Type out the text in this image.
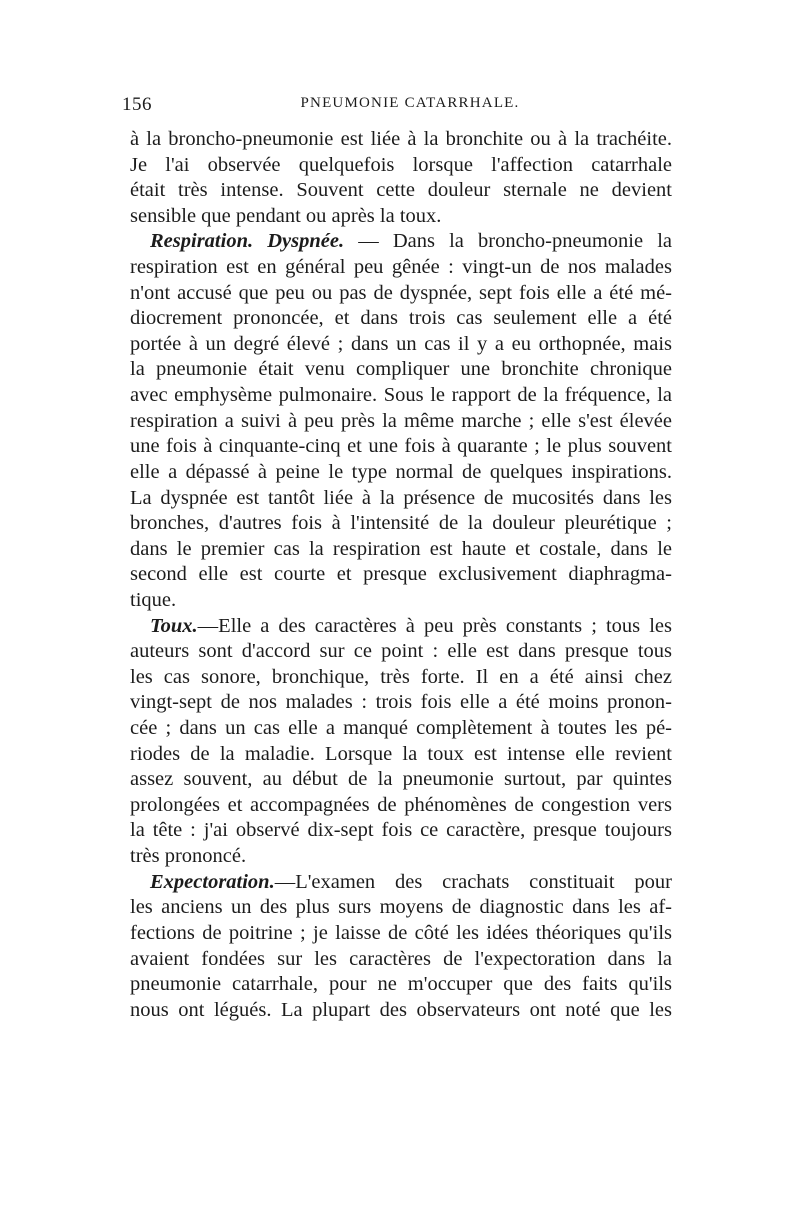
156	PNEUMONIE CATARRHALE.
à la broncho-pneumonie est liée à la bronchite ou à la trachéite.
Je l'ai observée quelquefois lorsque l'affection catarrhale
était très intense. Souvent cette douleur sternale ne devient
sensible que pendant ou après la toux.
Respiration. Dyspnée. — Dans la broncho-pneumonie la
respiration est en général peu gênée : vingt-un de nos malades
n'ont accusé que peu ou pas de dyspnée, sept fois elle a été mé-
diocrement prononcée, et dans trois cas seulement elle a été
portée à un degré élevé ; dans un cas il y a eu orthopnée, mais
la pneumonie était venu compliquer une bronchite chronique
avec emphysème pulmonaire. Sous le rapport de la fréquence, la
respiration a suivi à peu près la même marche ; elle s'est élevée
une fois à cinquante-cinq et une fois à quarante ; le plus souvent
elle a dépassé à peine le type normal de quelques inspirations.
La dyspnée est tantôt liée à la présence de mucosités dans les
bronches, d'autres fois à l'intensité de la douleur pleurétique ;
dans le premier cas la respiration est haute et costale, dans le
second elle est courte et presque exclusivement diaphragma-
tique.
Toux.—Elle a des caractères à peu près constants ; tous les
auteurs sont d'accord sur ce point : elle est dans presque tous
les cas sonore, bronchique, très forte. Il en a été ainsi chez
vingt-sept de nos malades : trois fois elle a été moins pronon-
cée ; dans un cas elle a manqué complètement à toutes les pé-
riodes de la maladie. Lorsque la toux est intense elle revient
assez souvent, au début de la pneumonie surtout, par quintes
prolongées et accompagnées de phénomènes de congestion vers
la tête : j'ai observé dix-sept fois ce caractère, presque toujours
très prononcé.
Expectoration.—L'examen des crachats constituait pour
les anciens un des plus surs moyens de diagnostic dans les af-
fections de poitrine ; je laisse de côté les idées théoriques qu'ils
avaient fondées sur les caractères de l'expectoration dans la
pneumonie catarrhale, pour ne m'occuper que des faits qu'ils
nous ont légués. La plupart des observateurs ont noté que les
